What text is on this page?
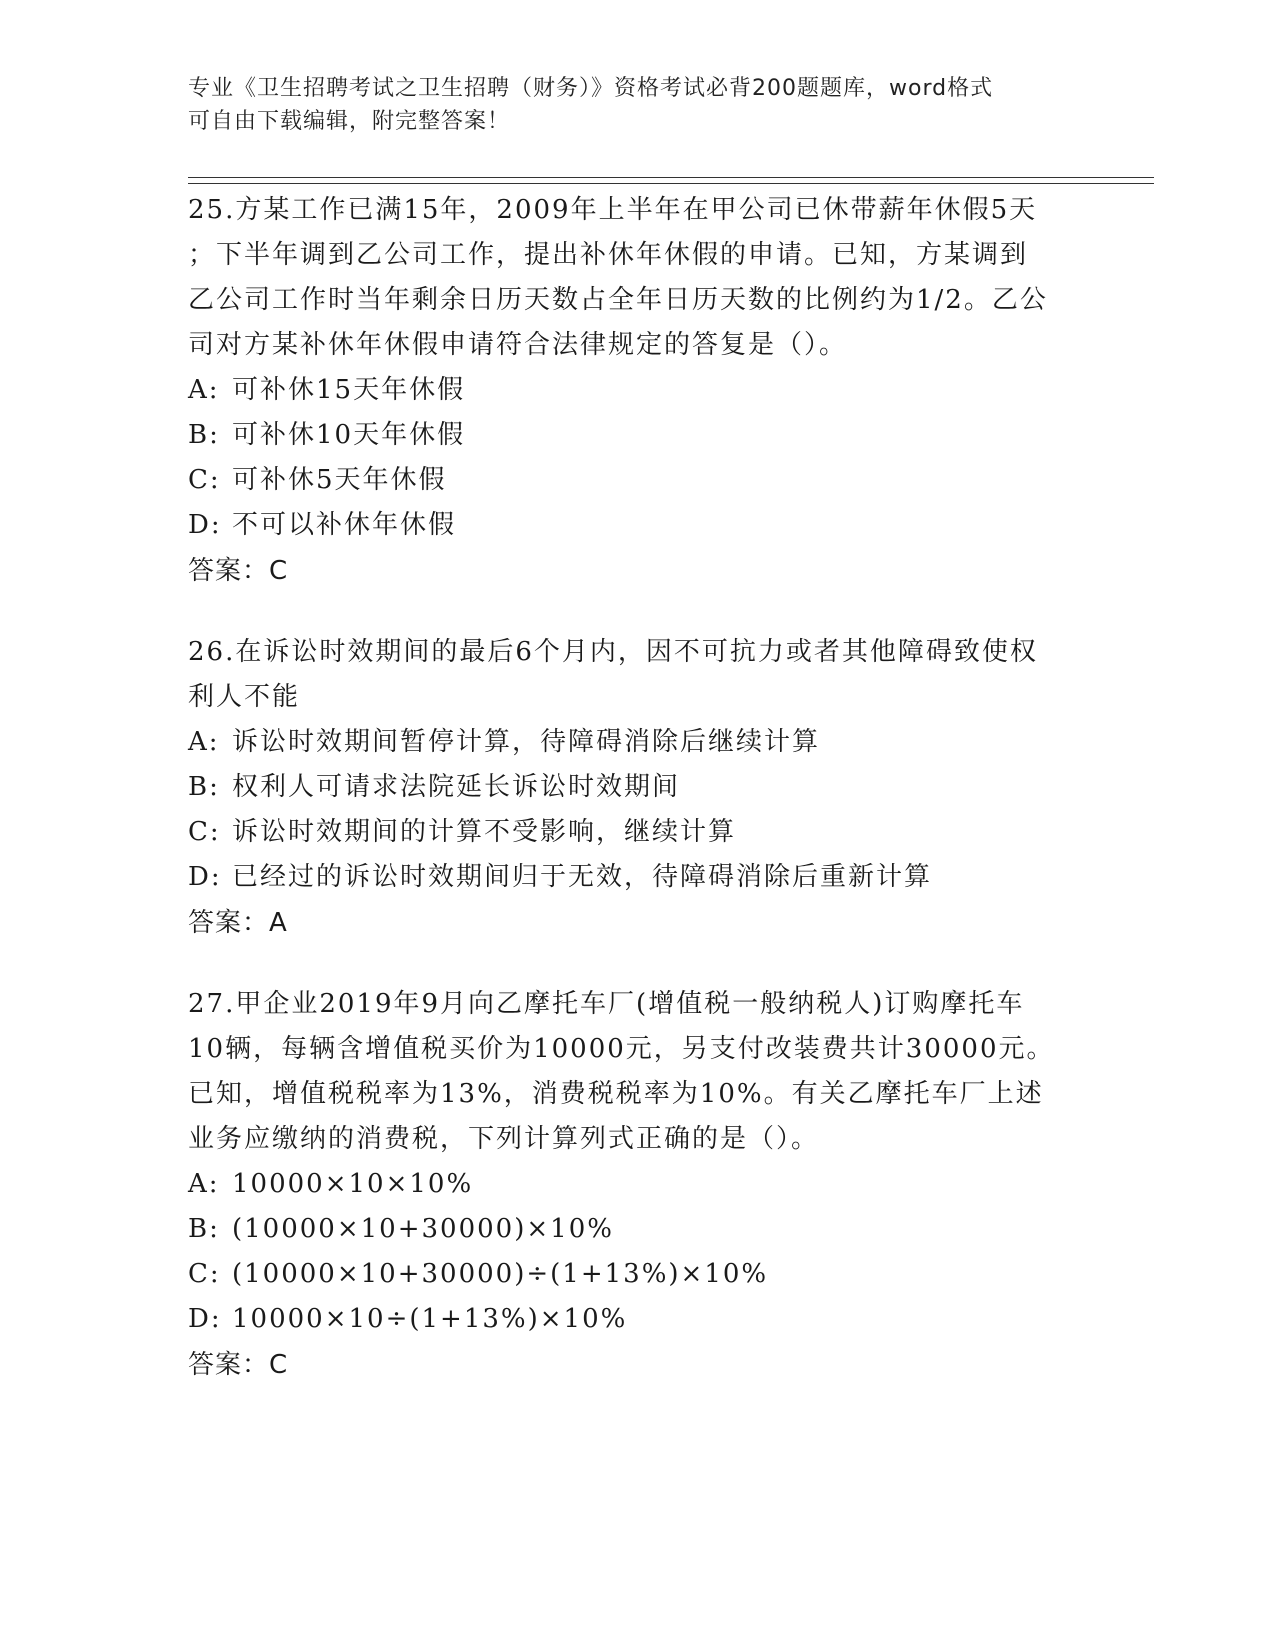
专业《卫生招聘考试之卫生招聘（财务）》资格考试必背200题题库，word格式
可自由下载编辑，附完整答案！

25.方某工作已满15年，2009年上半年在甲公司已休带薪年休假5天

；下半年调到乙公司工作，提出补休年休假的申请。已知，方某调到

乙公司工作时当年剩余日历天数占全年日历天数的比例约为1/2。乙公

司对方某补休年休假申请符合法律规定的答复是（）。

A: 可补休15天年休假

B: 可补休10天年休假

C: 可补休5天年休假

D: 不可以补休年休假

答案：C

26.在诉讼时效期间的最后6个月内，因不可抗力或者其他障碍致使权

利人不能

A: 诉讼时效期间暂停计算，待障碍消除后继续计算

B: 权利人可请求法院延长诉讼时效期间

C: 诉讼时效期间的计算不受影响，继续计算

D: 已经过的诉讼时效期间归于无效，待障碍消除后重新计算

答案：A

27.甲企业2019年9月向乙摩托车厂(增值税一般纳税人)订购摩托车

10辆，每辆含增值税买价为10000元，另支付改装费共计30000元。

已知，增值税税率为13%，消费税税率为10%。有关乙摩托车厂上述

业务应缴纳的消费税，下列计算列式正确的是（）。

A: 10000×10×10%

B: (10000×10+30000)×10%

C: (10000×10+30000)÷(1+13%)×10%

D: 10000×10÷(1+13%)×10%

答案：C
